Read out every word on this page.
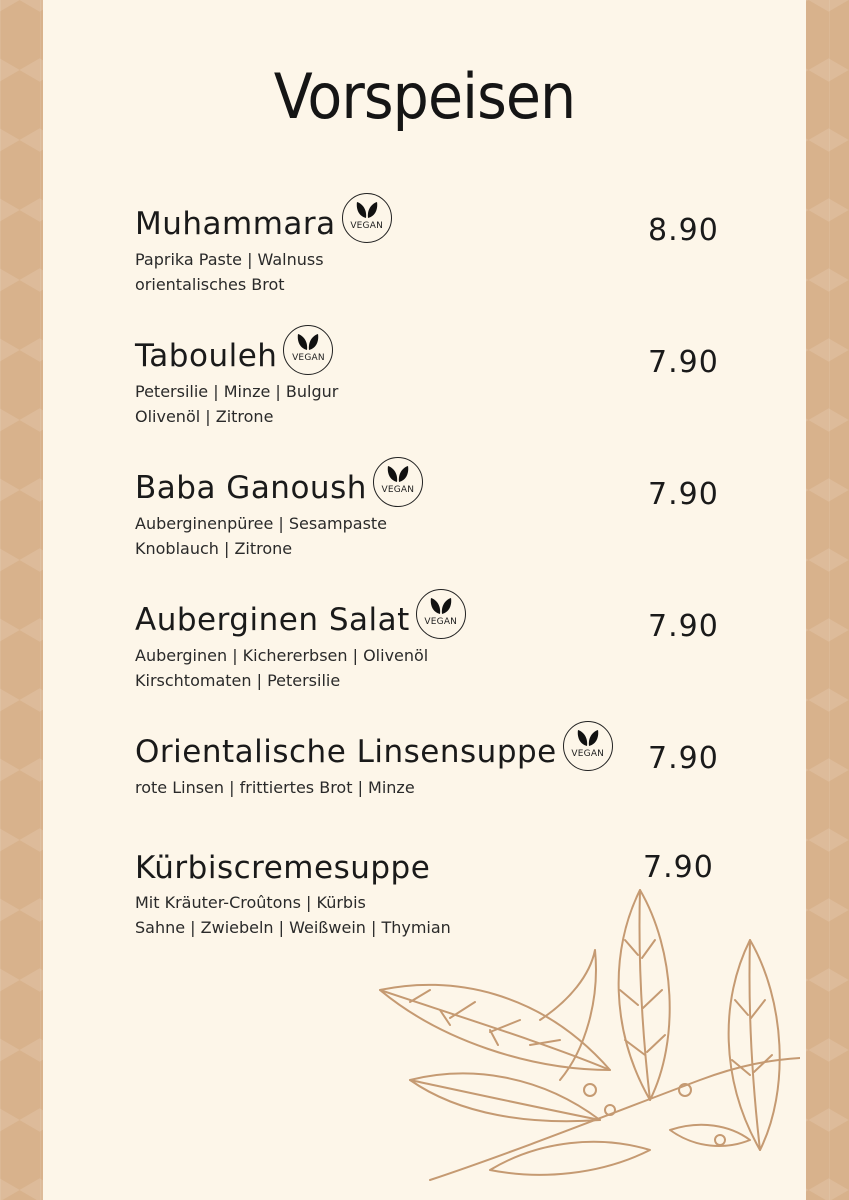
Vorspeisen
Muhammara	VEGAN
Paprika Paste | Walnuss
orientalisches Brot
8.90
Tabouleh	VEGAN
Petersilie | Minze | Bulgur
Olivenöl | Zitrone
7.90
Baba Ganoush	VEGAN
Auberginenpüree | Sesampaste
Knoblauch | Zitrone
7.90
Auberginen Salat	VEGAN
Auberginen | Kichererbsen | Olivenöl
Kirschtomaten | Petersilie
7.90
Orientalische Linsensuppe	VEGAN
rote Linsen | frittiertes Brot | Minze
7.90
Kürbiscremesuppe
Mit Kräuter-Croûtons | Kürbis
Sahne | Zwiebeln | Weißwein | Thymian
7.90
